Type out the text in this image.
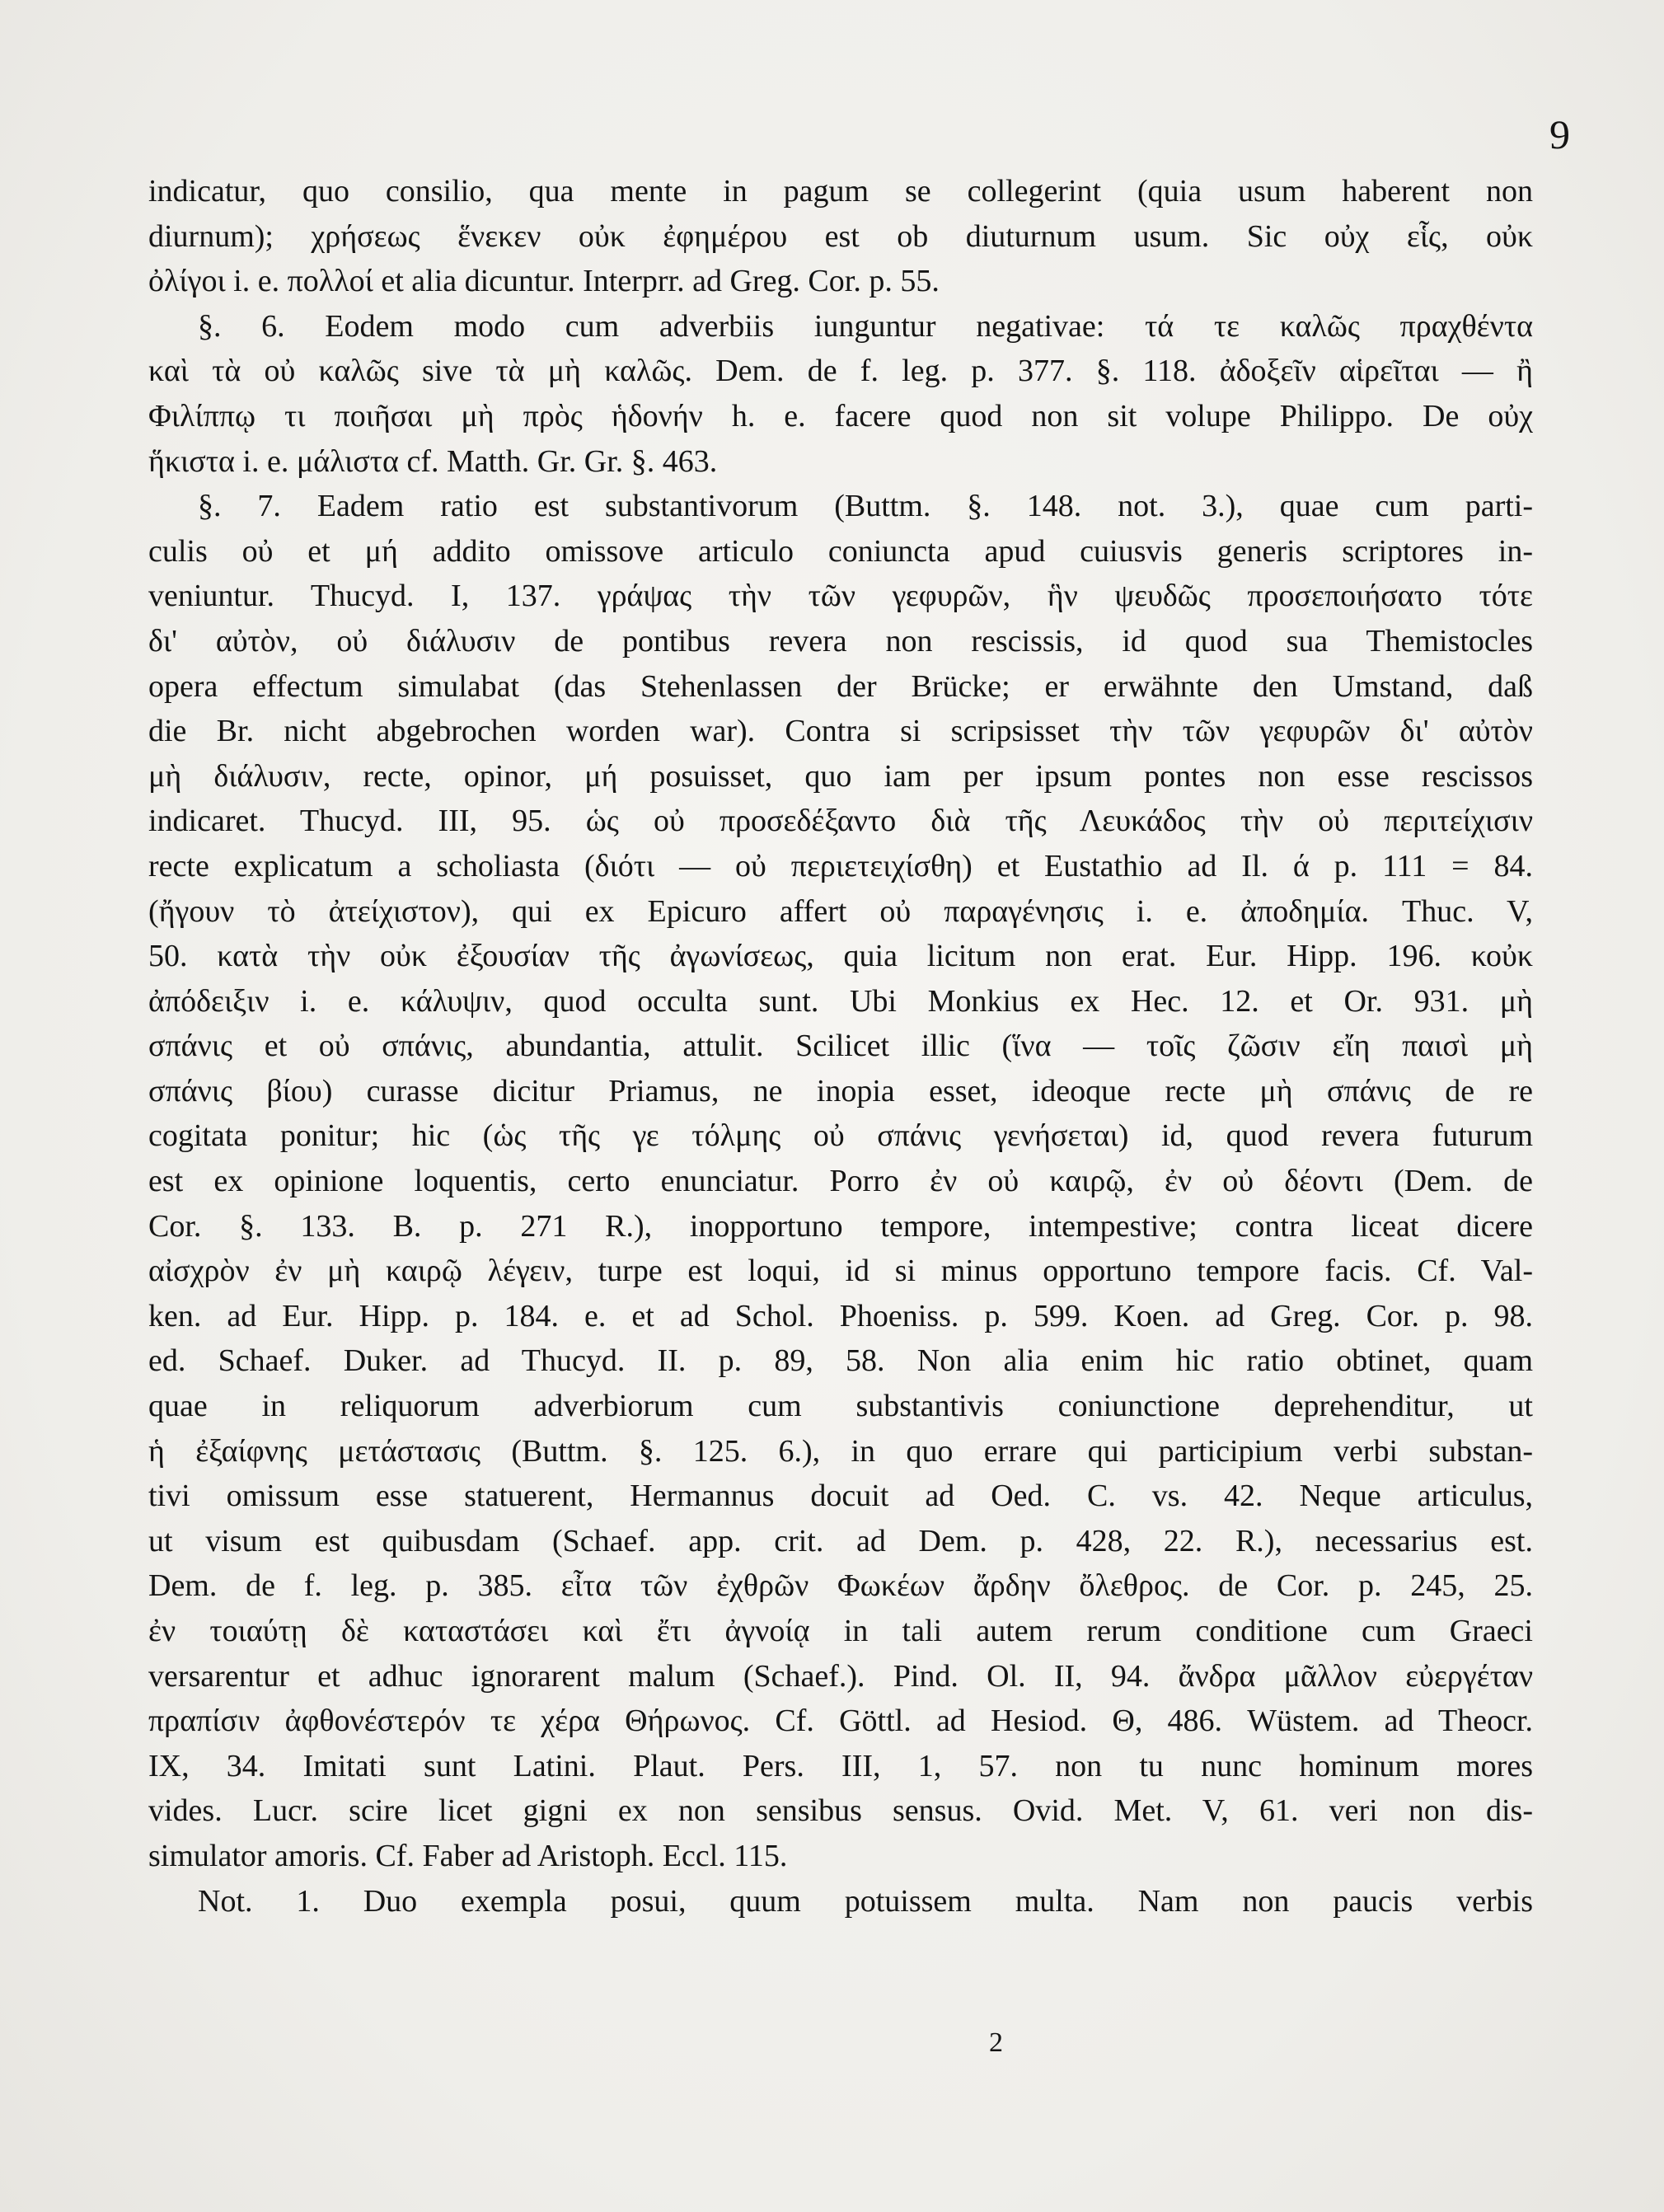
9
indicatur, quo consilio, qua mente in pagum se collegerint (quia usum haberent non
diurnum); χρήσεως ἕνεκεν οὐκ ἐφημέρου est ob diuturnum usum. Sic οὐχ εἷς, οὐκ
ὀλίγοι i. e. πολλοί et alia dicuntur. Interprr. ad Greg. Cor. p. 55.
§. 6. Eodem modo cum adverbiis iunguntur negativae: τά τε καλῶς πραχθέντα
καὶ τὰ οὐ καλῶς sive τὰ μὴ καλῶς. Dem. de f. leg. p. 377. §. 118. ἀδοξεῖν αἱρεῖται — ἢ
Φιλίππῳ τι ποιῆσαι μὴ πρὸς ἡδονήν h. e. facere quod non sit volupe Philippo. De οὐχ
ἥκιστα i. e. μάλιστα cf. Matth. Gr. Gr. §. 463.
§. 7. Eadem ratio est substantivorum (Buttm. §. 148. not. 3.), quae cum parti-
culis οὐ et μή addito omissove articulo coniuncta apud cuiusvis generis scriptores in-
veniuntur. Thucyd. I, 137. γράψας τὴν τῶν γεφυρῶν, ἣν ψευδῶς προσεποιήσατο τότε
δι' αὐτὸν, οὐ διάλυσιν de pontibus revera non rescissis, id quod sua Themistocles
opera effectum simulabat (das Stehenlassen der Brücke; er erwähnte den Umstand, daß
die Br. nicht abgebrochen worden war). Contra si scripsisset τὴν τῶν γεφυρῶν δι' αὐτὸν
μὴ διάλυσιν, recte, opinor, μή posuisset, quo iam per ipsum pontes non esse rescissos
indicaret. Thucyd. III, 95. ὡς οὐ προσεδέξαντο διὰ τῆς Λευκάδος τὴν οὐ περιτείχισιν
recte explicatum a scholiasta (διότι — οὐ περιετειχίσθη) et Eustathio ad Il. ά p. 111 = 84.
(ἤγουν τὸ ἀτείχιστον), qui ex Epicuro affert οὐ παραγένησις i. e. ἀποδημία. Thuc. V,
50. κατὰ τὴν οὐκ ἐξουσίαν τῆς ἀγωνίσεως, quia licitum non erat. Eur. Hipp. 196. κοὐκ
ἀπόδειξιν i. e. κάλυψιν, quod occulta sunt. Ubi Monkius ex Hec. 12. et Or. 931. μὴ
σπάνις et οὐ σπάνις, abundantia, attulit. Scilicet illic (ἵνα — τοῖς ζῶσιν εἴη παισὶ μὴ
σπάνις βίου) curasse dicitur Priamus, ne inopia esset, ideoque recte μὴ σπάνις de re
cogitata ponitur; hic (ὡς τῆς γε τόλμης οὐ σπάνις γενήσεται) id, quod revera futurum
est ex opinione loquentis, certo enunciatur. Porro ἐν οὐ καιρῷ, ἐν οὐ δέοντι (Dem. de
Cor. §. 133. B. p. 271 R.), inopportuno tempore, intempestive; contra liceat dicere
αἰσχρὸν ἐν μὴ καιρῷ λέγειν, turpe est loqui, id si minus opportuno tempore facis. Cf. Val-
ken. ad Eur. Hipp. p. 184. e. et ad Schol. Phoeniss. p. 599. Koen. ad Greg. Cor. p. 98.
ed. Schaef. Duker. ad Thucyd. II. p. 89, 58. Non alia enim hic ratio obtinet, quam
quae in reliquorum adverbiorum cum substantivis coniunctione deprehenditur, ut
ἡ ἐξαίφνης μετάστασις (Buttm. §. 125. 6.), in quo errare qui participium verbi substan-
tivi omissum esse statuerent, Hermannus docuit ad Oed. C. vs. 42. Neque articulus,
ut visum est quibusdam (Schaef. app. crit. ad Dem. p. 428, 22. R.), necessarius est.
Dem. de f. leg. p. 385. εἶτα τῶν ἐχθρῶν Φωκέων ἄρδην ὄλεθρος. de Cor. p. 245, 25.
ἐν τοιαύτῃ δὲ καταστάσει καὶ ἔτι ἀγνοίᾳ in tali autem rerum conditione cum Graeci
versarentur et adhuc ignorarent malum (Schaef.). Pind. Ol. II, 94. ἄνδρα μᾶλλον εὐεργέταν
πραπίσιν ἀφθονέστερόν τε χέρα Θήρωνος. Cf. Göttl. ad Hesiod. Θ, 486. Wüstem. ad Theocr.
IX, 34. Imitati sunt Latini. Plaut. Pers. III, 1, 57. non tu nunc hominum mores
vides. Lucr. scire licet gigni ex non sensibus sensus. Ovid. Met. V, 61. veri non dis-
simulator amoris. Cf. Faber ad Aristoph. Eccl. 115.
Not. 1. Duo exempla posui, quum potuissem multa. Nam non paucis verbis
2
